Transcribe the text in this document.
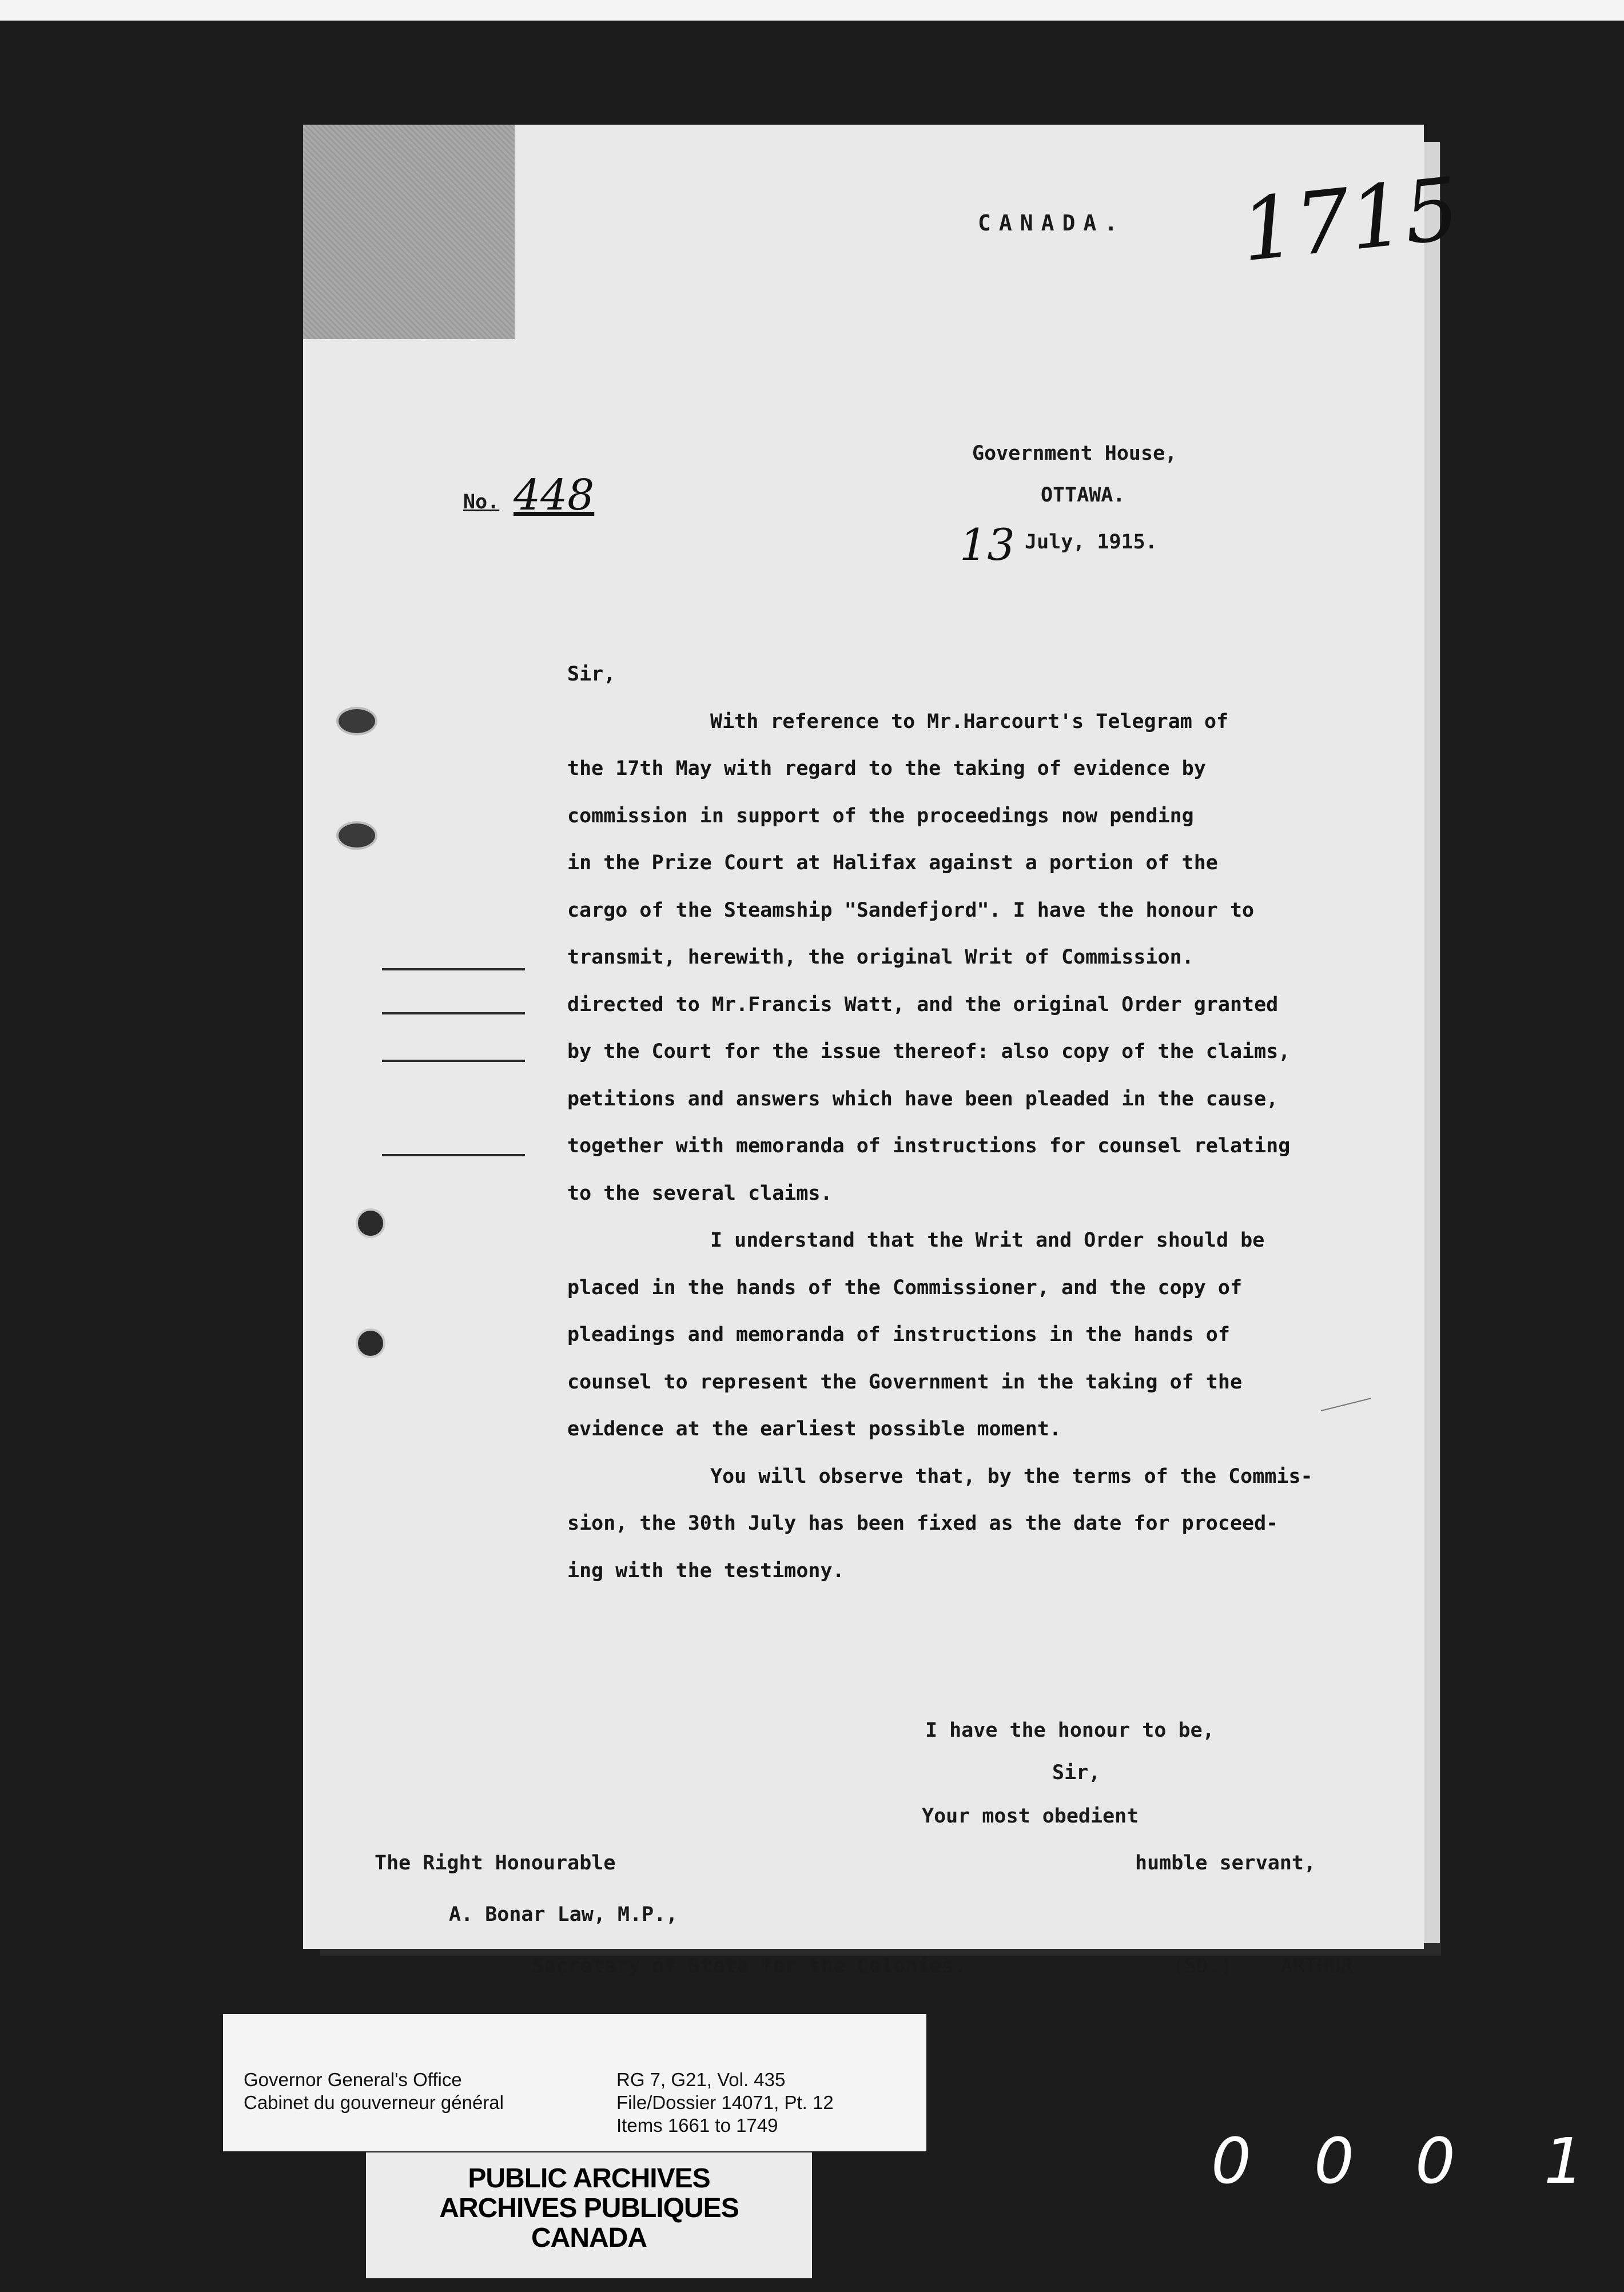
CANADA. 1715
Government House,
OTTAWA.
13 July, 1915.
No. 448
Sir,
With reference to Mr.Harcourt's Telegram of
the 17th May with regard to the taking of evidence by
commission in support of the proceedings now pending
in the Prize Court at Halifax against a portion of the
cargo of the Steamship "Sandefjord". I have the honour to
transmit, herewith, the original Writ of Commission.
directed to Mr.Francis Watt, and the original Order granted
by the Court for the issue thereof: also copy of the claims,
petitions and answers which have been pleaded in the cause,
together with memoranda of instructions for counsel relating
to the several claims.
I understand that the Writ and Order should be
placed in the hands of the Commissioner, and the copy of
pleadings and memoranda of instructions in the hands of
counsel to represent the Government in the taking of the
evidence at the earliest possible moment.
You will observe that, by the terms of the Commis-
sion, the 30th July has been fixed as the date for proceed-
ing with the testimony.
I have the honour to be,
Sir,
Your most obedient
humble servant,
The Right Honourable
A. Bonar Law, M.P.,
Secretary of State for the Colonies.	(SD.)    ARTHUR
Governor General's Office
Cabinet du gouverneur général
RG 7, G21, Vol. 435
File/Dossier 14071, Pt. 12
Items 1661 to 1749
PUBLIC ARCHIVES
ARCHIVES PUBLIQUES
CANADA
0 0 0 1
